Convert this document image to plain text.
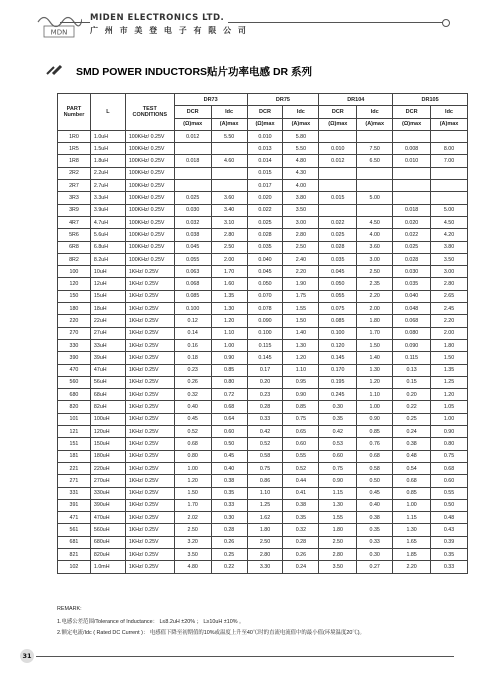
MDN
MIDEN ELECTRONICS LTD.
广 州 市 美 登 电 子 有 限 公 司
SMD POWER INDUCTORS贴片功率电感 DR 系列
PART Number	L	TEST CONDITIONS	DR73		DR75		DR104		DR105	
			DCR	Idc	DCR	Idc	DCR	Idc	DCR	Idc
			(Ω)max	(A)max	(Ω)max	(A)max	(Ω)max	(A)max	(Ω)max	(A)max
1R0	1.0uH	100KHz/ 0.25V	0.012	5.50	0.010	5.80				
1R5	1.5uH	100KHz/ 0.25V			0.013	5.50	0.010	7.50	0.008	8.00
1R8	1.8uH	100KHz/ 0.25V	0.018	4.60	0.014	4.80	0.012	6.50	0.010	7.00
2R2	2.2uH	100KHz/ 0.25V			0.015	4.30				
2R7	2.7uH	100KHz/ 0.25V			0.017	4.00				
3R3	3.3uH	100KHz/ 0.25V	0.025	3.60	0.020	3.80	0.015	5.00		
3R9	3.9uH	100KHz/ 0.25V	0.030	3.40	0.022	3.50			0.018	5.00
4R7	4.7uH	100KHz/ 0.25V	0.032	3.10	0.025	3.00	0.022	4.50	0.020	4.50
5R6	5.6uH	100KHz/ 0.25V	0.038	2.80	0.028	2.80	0.025	4.00	0.022	4.20
6R8	6.8uH	100KHz/ 0.25V	0.045	2.50	0.035	2.50	0.028	3.60	0.025	3.80
8R2	8.2uH	100KHz/ 0.25V	0.055	2.00	0.040	2.40	0.035	3.00	0.028	3.50
100	10uH	1KHz/ 0.25V	0.063	1.70	0.045	2.20	0.045	2.50	0.030	3.00
120	12uH	1KHz/ 0.25V	0.068	1.60	0.050	1.90	0.050	2.35	0.035	2.80
150	15uH	1KHz/ 0.25V	0.085	1.35	0.070	1.75	0.055	2.20	0.040	2.65
180	18uH	1KHz/ 0.25V	0.100	1.30	0.078	1.55	0.075	2.00	0.048	2.45
220	22uH	1KHz/ 0.25V	0.12	1.20	0.090	1.50	0.085	1.80	0.068	2.20
270	27uH	1KHz/ 0.25V	0.14	1.10	0.100	1.40	0.100	1.70	0.080	2.00
330	33uH	1KHz/ 0.25V	0.16	1.00	0.115	1.30	0.120	1.50	0.090	1.80
390	39uH	1KHz/ 0.25V	0.18	0.90	0.145	1.20	0.145	1.40	0.115	1.50
470	47uH	1KHz/ 0.25V	0.23	0.85	0.17	1.10	0.170	1.30	0.13	1.35
560	56uH	1KHz/ 0.25V	0.26	0.80	0.20	0.95	0.195	1.20	0.15	1.25
680	68uH	1KHz/ 0.25V	0.32	0.72	0.23	0.90	0.245	1.10	0.20	1.20
820	82uH	1KHz/ 0.25V	0.40	0.68	0.28	0.85	0.30	1.00	0.22	1.05
101	100uH	1KHz/ 0.25V	0.45	0.64	0.33	0.75	0.35	0.90	0.25	1.00
121	120uH	1KHz/ 0.25V	0.52	0.60	0.42	0.65	0.42	0.85	0.24	0.90
151	150uH	1KHz/ 0.25V	0.68	0.50	0.52	0.60	0.53	0.76	0.38	0.80
181	180uH	1KHz/ 0.25V	0.80	0.45	0.58	0.55	0.60	0.68	0.48	0.75
221	220uH	1KHz/ 0.25V	1.00	0.40	0.75	0.52	0.75	0.58	0.54	0.68
271	270uH	1KHz/ 0.25V	1.20	0.38	0.86	0.44	0.90	0.50	0.68	0.60
331	330uH	1KHz/ 0.25V	1.50	0.35	1.10	0.41	1.15	0.45	0.85	0.55
391	390uH	1KHz/ 0.25V	1.70	0.33	1.25	0.38	1.30	0.40	1.00	0.50
471	470uH	1KHz/ 0.25V	2.02	0.30	1.62	0.35	1.55	0.38	1.15	0.48
561	560uH	1KHz/ 0.25V	2.50	0.28	1.80	0.32	1.80	0.35	1.30	0.43
681	680uH	1KHz/ 0.25V	3.20	0.26	2.50	0.28	2.50	0.33	1.65	0.39
821	820uH	1KHz/ 0.25V	3.50	0.25	2.80	0.26	2.80	0.30	1.85	0.35
102	1.0mH	1KHz/ 0.25V	4.80	0.22	3.30	0.24	3.50	0.27	2.20	0.33
REMARK:
1.电感公差范围/Tolerance of Inductance： L≤8.2uH ±20% ； L≥10uH ±10% 。
2.额定电流/Idc ( Rated DC Current )： 电感值下降至初期值的10%或温度上升至40℃时的直流电流值中的最小值(环境温度20℃)。
31
